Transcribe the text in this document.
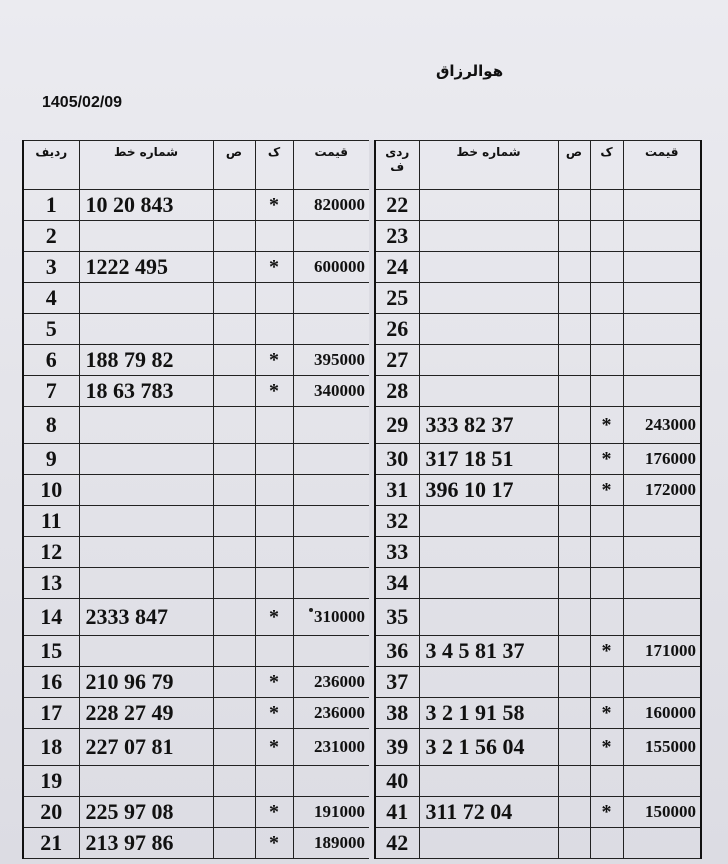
هوالرزاق
1405/02/09
رديف	شماره خط	ص	ک	قيمت
1	10 20 843		*	820000
2				
3	1222 495		*	600000
4				
5				
6	188 79 82		*	395000
7	18 63 783		*	340000
8				
9				
10				
11				
12				
13				
14	2333 847		*	310000
15				
16	210 96 79		*	236000
17	228 27 49		*	236000
18	227 07 81		*	231000
19				
20	225 97 08		*	191000
21	213 97 86		*	189000
ردی
ف	شماره خط	ص	ک	قيمت
22				
23				
24				
25				
26				
27				
28				
29	333 82 37		*	243000
30	317 18 51		*	176000
31	396 10 17		*	172000
32				
33				
34				
35				
36	3 4 5 81 37		*	171000
37				
38	3 2 1 91 58		*	160000
39	3 2 1 56 04		*	155000
40				
41	311 72 04		*	150000
42				
